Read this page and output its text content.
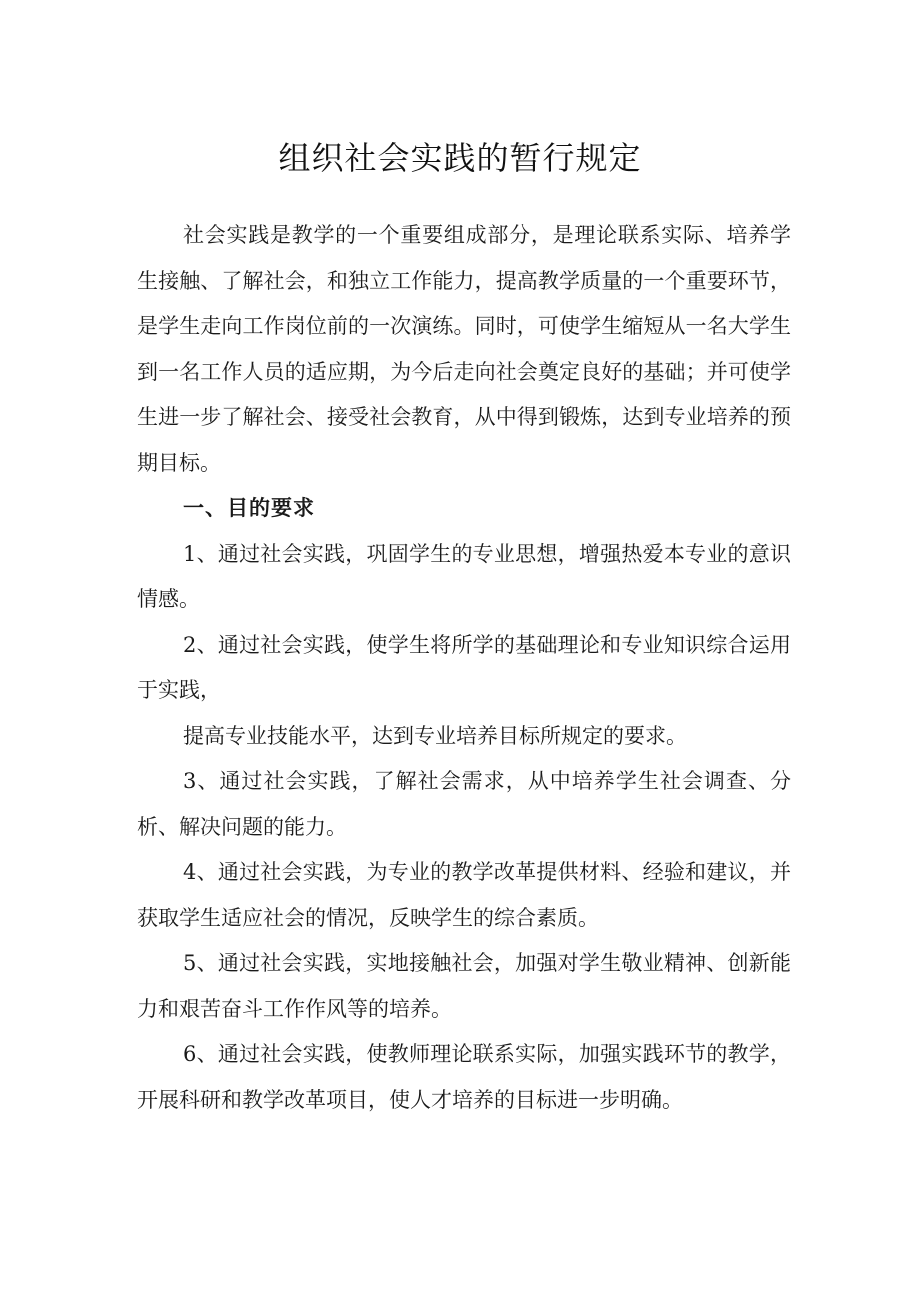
组织社会实践的暂行规定

社会实践是教学的一个重要组成部分，是理论联系实际、培养学生接触、了解社会，和独立工作能力，提高教学质量的一个重要环节，是学生走向工作岗位前的一次演练。同时，可使学生缩短从一名大学生到一名工作人员的适应期，为今后走向社会奠定良好的基础；并可使学生进一步了解社会、接受社会教育，从中得到锻炼，达到专业培养的预期目标。

一、目的要求

1、通过社会实践，巩固学生的专业思想，增强热爱本专业的意识情感。

2、通过社会实践，使学生将所学的基础理论和专业知识综合运用于实践，

提高专业技能水平，达到专业培养目标所规定的要求。

3、通过社会实践，了解社会需求，从中培养学生社会调查、分析、解决问题的能力。

4、通过社会实践，为专业的教学改革提供材料、经验和建议，并获取学生适应社会的情况，反映学生的综合素质。

5、通过社会实践，实地接触社会，加强对学生敬业精神、创新能力和艰苦奋斗工作作风等的培养。

6、通过社会实践，使教师理论联系实际，加强实践环节的教学，开展科研和教学改革项目，使人才培养的目标进一步明确。
